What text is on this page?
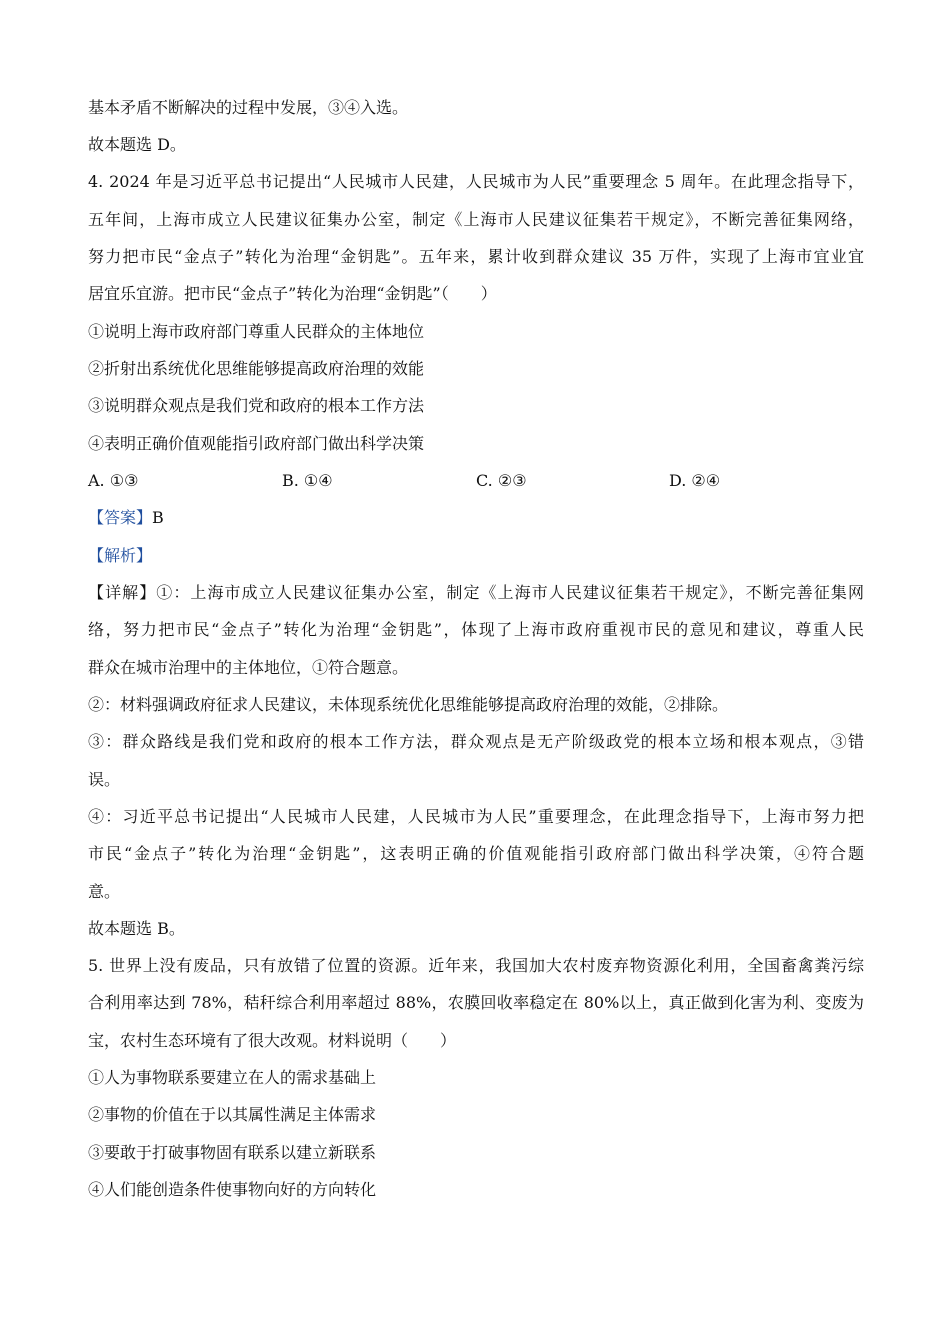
基本矛盾不断解决的过程中发展，③④入选。
故本题选 D。
4. 2024 年是习近平总书记提出“人民城市人民建，人民城市为人民”重要理念 5 周年。在此理念指导下，
五年间，上海市成立人民建议征集办公室，制定《上海市人民建议征集若干规定》，不断完善征集网络，
努力把市民“金点子”转化为治理“金钥匙”。五年来，累计收到群众建议 35 万件，实现了上海市宜业宜
居宜乐宜游。把市民“金点子”转化为治理“金钥匙”（　　）
①说明上海市政府部门尊重人民群众的主体地位
②折射出系统优化思维能够提高政府治理的效能
③说明群众观点是我们党和政府的根本工作方法
④表明正确价值观能指引政府部门做出科学决策
A. ①③	B. ①④	C. ②③	D. ②④
【答案】B
【解析】
【详解】①：上海市成立人民建议征集办公室，制定《上海市人民建议征集若干规定》，不断完善征集网
络，努力把市民“金点子”转化为治理“金钥匙”，体现了上海市政府重视市民的意见和建议，尊重人民
群众在城市治理中的主体地位，①符合题意。
②：材料强调政府征求人民建议，未体现系统优化思维能够提高政府治理的效能，②排除。
③：群众路线是我们党和政府的根本工作方法，群众观点是无产阶级政党的根本立场和根本观点，③错
误。
④：习近平总书记提出“人民城市人民建，人民城市为人民”重要理念，在此理念指导下，上海市努力把
市民“金点子”转化为治理“金钥匙”，这表明正确的价值观能指引政府部门做出科学决策，④符合题
意。
故本题选 B。
5. 世界上没有废品，只有放错了位置的资源。近年来，我国加大农村废弃物资源化利用，全国畜禽粪污综
合利用率达到 78%，秸秆综合利用率超过 88%，农膜回收率稳定在 80%以上，真正做到化害为利、变废为
宝，农村生态环境有了很大改观。材料说明（　　）
①人为事物联系要建立在人的需求基础上
②事物的价值在于以其属性满足主体需求
③要敢于打破事物固有联系以建立新联系
④人们能创造条件使事物向好的方向转化
